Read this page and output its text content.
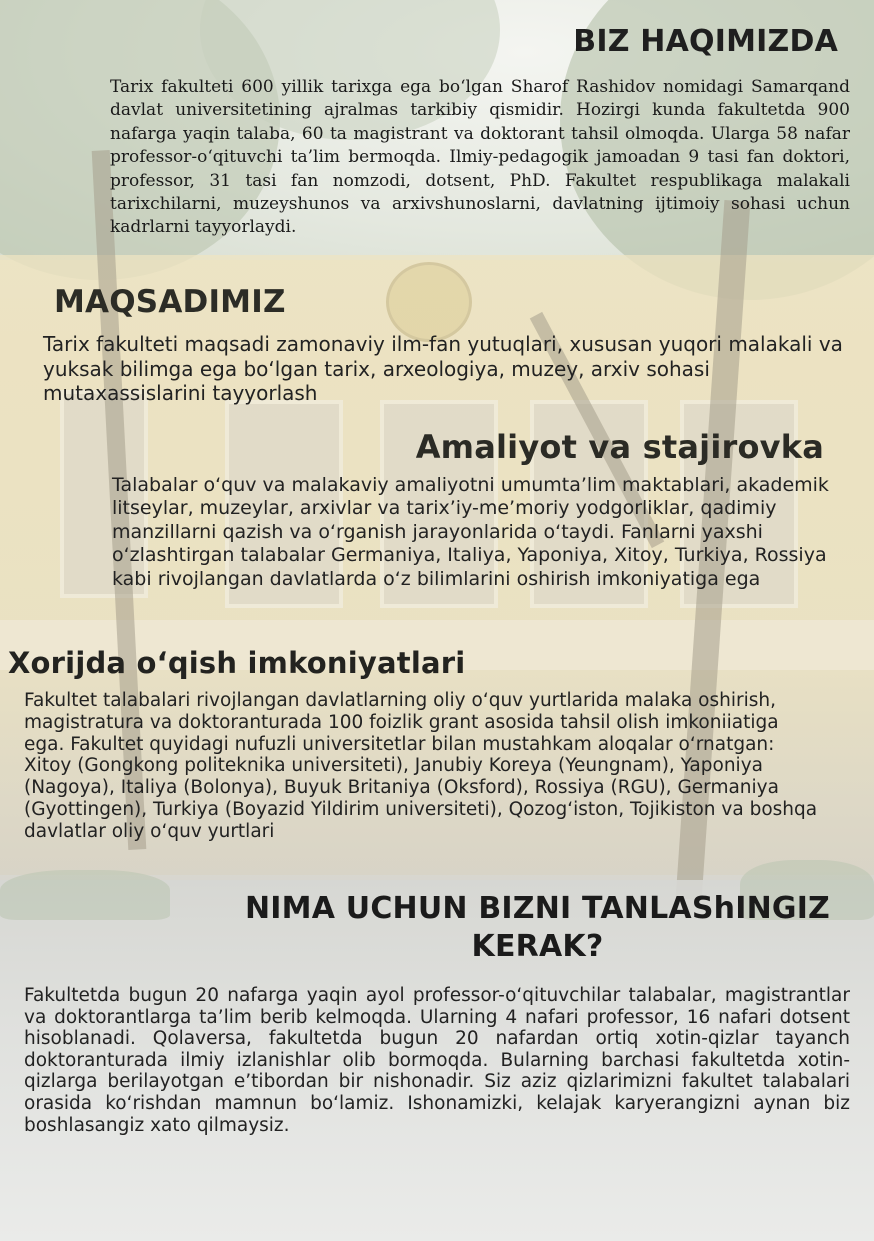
BIZ HAQIMIZDA

Tarix fakulteti 600 yillik tarixga ega bo‘lgan Sharof Rashidov nomidagi Samarqand davlat universitetining ajralmas tarkibiy qismidir. Hozirgi kunda fakultetda 900 nafarga yaqin talaba, 60 ta magistrant va doktorant tahsil olmoqda. Ularga 58 nafar professor-o‘qituvchi ta’lim bermoqda. Ilmiy-pedagogik jamoadan 9 tasi fan doktori, professor, 31 tasi fan nomzodi, dotsent, PhD. Fakultet respublikaga malakali tarixchilarni, muzeyshunos va arxivshunoslarni, davlatning ijtimoiy sohasi uchun kadrlarni tayyorlaydi.

MAQSADIMIZ

Tarix fakulteti maqsadi zamonaviy ilm-fan yutuqlari, xususan yuqori malakali va yuksak bilimga ega bo‘lgan tarix, arxeologiya, muzey, arxiv sohasi mutaxassislarini tayyorlash

Amaliyot va stajirovka

Talabalar o‘quv va malakaviy amaliyotni umumta’lim maktablari, akademik litseylar, muzeylar, arxivlar va tarix’iy-me’moriy yodgorliklar, qadimiy manzillarni qazish va o‘rganish jarayonlarida o‘taydi. Fanlarni yaxshi o‘zlashtirgan talabalar Germaniya, Italiya, Yaponiya, Xitoy, Turkiya, Rossiya kabi rivojlangan davlatlarda o‘z bilimlarini oshirish imkoniyatiga ega

Xorijda o‘qish imkoniyatlari

Fakultet talabalari rivojlangan davlatlarning oliy o‘quv yurtlarida malaka oshirish, magistratura va doktoranturada 100 foizlik grant asosida tahsil olish imkoniiatiga ega. Fakultet quyidagi nufuzli universitetlar bilan mustahkam aloqalar o‘rnatgan: Xitoy (Gongkong politeknika universiteti), Janubiy Koreya (Yeungnam), Yaponiya (Nagoya), Italiya (Bolonya), Buyuk Britaniya (Oksford), Rossiya (RGU), Germaniya (Gyottingen), Turkiya (Boyazid Yildirim universiteti), Qozog‘iston, Tojikiston va boshqa davlatlar oliy o‘quv yurtlari

NIMA UCHUN BIZNI TANLAShINGIZ KERAK?

Fakultetda bugun 20 nafarga yaqin ayol professor-o‘qituvchilar talabalar, magistrantlar va doktorantlarga ta’lim berib kelmoqda. Ularning 4 nafari professor, 16 nafari dotsent hisoblanadi. Qolaversa, fakultetda bugun 20 nafardan ortiq xotin-qizlar tayanch doktoranturada ilmiy izlanishlar olib bormoqda. Bularning barchasi fakultetda xotin-qizlarga berilayotgan e’tibordan bir nishonadir. Siz aziz qizlarimizni fakultet talabalari orasida ko‘rishdan mamnun bo‘lamiz. Ishonamizki, kelajak karyerangizni aynan biz boshlasangiz xato qilmaysiz.
